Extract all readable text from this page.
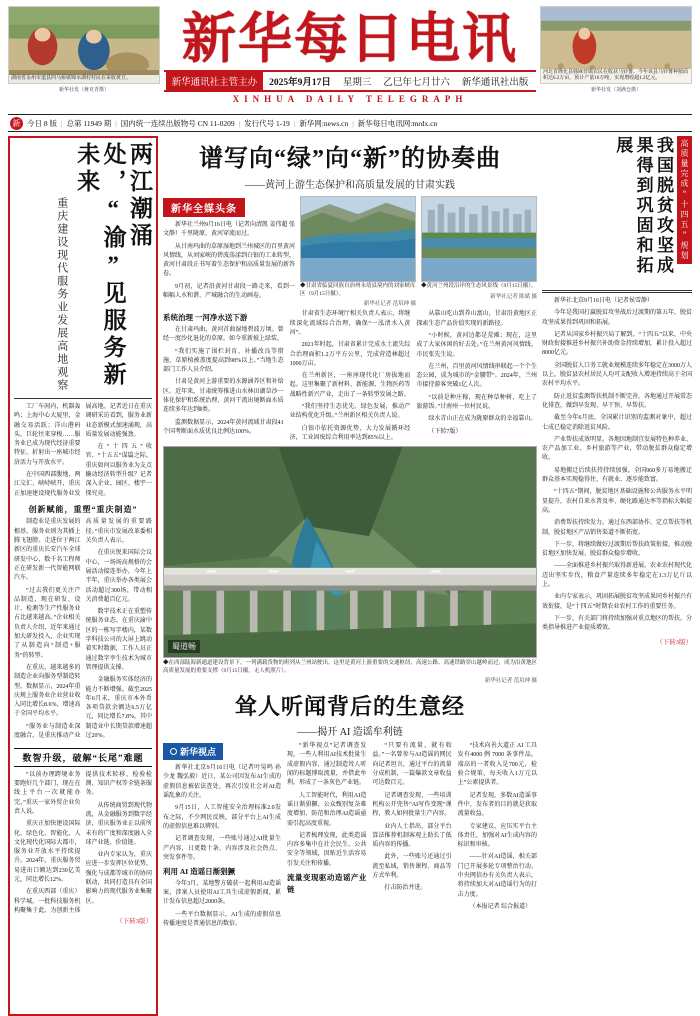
湖南省永州市道县四马桥镇锦水湖村村民在采收黄豆。
新华社发（蒋克青摄）
新华每日电讯
新华通讯社主管主办	2025年9月17日	星期三	乙巳年七月廿六	新华通讯社出版
XINHUA DAILY TELEGRAPH
河北省隆化县韩麻营镇农民在收获马铃薯。今年该县马铃薯种植面积达6.2万亩，预计产量16万吨，实现增收超1.2亿元。
新华社发（刘满仓摄）
新 今日 8 版 | 总第 11949 期 | 国内统一连续出版物号 CN 11-0209 | 发行代号 1-19 | 新华网:news.cn | 新华每日电讯网:mrdx.cn
两江潮涌处，“渝”见服务新未来
重庆建设现代服务业发展高地观察

工厂车间内，机器轰鸣；上海中心大厦里，金融交易活跃；洋山港码头，巨轮往来穿梭……服务业已成为现代经济重要特征，折射出一座城市经济活力与开放水平。

在中国西部腹地，两江交汇、峡峙峡开，重庆正加速建设现代服务业发展高地。记者近日在重庆调研采访看到，服务业新业态新模式加速涌现，高质量发展动能强劲。

在“十四五”收官、“十五五”谋篇之际，重庆如何以服务业为支点撬动经济转型升级？记者深入企业、园区、楼宇一探究竟。

创新赋能，重塑“重庆制造”

制造业是重庆发展的根基，服务业则为其插上腾飞翅膀。走进位于两江新区的重庆长安汽车全球研发中心，数千名工程师正在研发新一代智能网联汽车。

“过去我们更关注产品制造，现在研发、设计、检测等生产性服务业占比越来越高。”企业相关负责人介绍，近年来通过加大研发投入，企业实现了从制造向“制造+服务”的转型。

在重庆，越来越多的制造企业向服务型制造转型。数据显示，2024年重庆规上服务业企业营业收入同比增长8.6%，增速高于全国平均水平。

“服务业与制造业深度融合，是重庆推动产业高质量发展的重要路径。”重庆市发展改革委相关负责人表示。

在重庆悦来国际会议中心，一场场高规格的会展活动接连举办。今年上半年，重庆举办各类展会活动超过300场，带动相关消费超百亿元。

数字技术正在重塑传统服务业态。在重庆渝中区的一栋写字楼内，某数字科技公司的大屏上跳动着实时数据，工作人员正通过数字孪生技术为城市管理提供支撑。

金融服务实体经济的能力不断增强。截至2025年6月末，重庆市本外币各项贷款余额达6.5万亿元，同比增长7.8%，其中制造业中长期贷款增速超过20%。

数智升级，破解“长尾”难题

“以前办理跨境业务要跑好几个部门，现在在线上平台一次就能办完。”重庆一家外贸企业负责人说。

重庆正加快建设国际化、绿色化、智能化、人文化现代化国际大都市，服务业开放水平持续提升。2024年，重庆服务贸易进出口额达到230亿美元，同比增长12%。

在重庆西部（重庆）科学城，一批科技服务机构聚集于此，为创新主体提供技术转移、检验检测、知识产权等全链条服务。

从传统商贸到现代物流，从金融服务到数字经济，重庆服务业正以前所未有的广度和深度融入全球产业链、价值链。

业内专家认为，重庆应进一步发挥区位优势，强化与成都等城市的协同联动，共同打造具有全国影响力的现代服务业集聚区。

（下转3版）
谱写向“绿”向“新”的协奏曲
——黄河上游生态保护和高质量发展的甘肃实践
新华全媒头条

新华社兰州9月16日电（记者向清凯 姜伟超 张文静）千里陇原，黄河穿流而过。

从甘南玛曲的草原湿地到兰州城区的百里黄河风情线，从刘家峡的碧波荡漾到白银的工业转型，黄河甘肃段正书写着生态保护和高质量发展的新答卷。

9月初，记者沿黄河甘肃段一路走来，看到一幅幅人水和谐、产城融合的生动画卷。

◆甘肃省临夏回族自治州永靖县境内的刘家峡库区（9月15日摄）。
新华社记者 范培珅 摄
◆黄河兰州段沿岸的生态风景线（9月15日摄）。
新华社记者 陈斌 摄
系统治理 一河净水送下游

在甘肃玛曲，黄河首曲湿地碧波万顷。曾经一度沙化退化的草原，如今重新披上绿装。

“我们实施了围栏封育、补播改良等措施，草原植被盖度提高到98%以上。”当地生态部门工作人员介绍。

甘肃是黄河上游重要的水源涵养区和补给区。近年来，甘肃统筹推进山水林田湖草沙一体化保护和系统治理，黄河干流出境断面水质连续多年达到Ⅱ类。

监测数据显示，2024年黄河流域甘肃段41个国考断面水质优良比例达100%。

甘肃省生态环境厅相关负责人表示，将继续深化流域综合治理，确保“一泓清水入黄河”。

2021年时起，甘肃省累计完成水土流失综合治理面积1.2万平方公里，完成营造林超过1000万亩。

在兰州新区，一座座现代化厂房拔地而起。这里集聚了新材料、新能源、生物医药等战略性新兴产业，走出了一条转型发展之路。

“我们坚持生态优先、绿色发展，推动产业结构优化升级。”兰州新区相关负责人说。

白银市依托资源优势，大力发展循环经济，工业固废综合利用率达到85%以上。

从靠山吃山到养山富山，甘肃沿黄地区正探索生态产品价值实现的新路径。

“小时候，黄河边都是荒滩；现在，这里成了大家休闲的好去处。”在兰州黄河风情线，市民张先生说。

在兰州，百里黄河风情线串联起一个个生态公园，成为城市的“金腰带”。2024年，兰州市接待游客突破1亿人次。

“以前是种庄稼，现在种草种树，吃上了旅游饭。”甘南州一位村民说。

绿水青山正在成为陇原群众的幸福靠山。

（下转7版）

蜀道畅
◆在西部陆海新通道建设背景下，一列满载货物的班列从兰州站驶出。这里是黄河上游重要的交通枢纽，高速公路、高速铁路穿山越岭而过，成为沿黄地区高质量发展的重要支撑（9月15日摄，无人机照片）。
新华社记者 范培珅 摄
耸人听闻背后的生意经
——揭开 AI 造谣牟利链
新华视点

新华社北京9月16日电（记者叶昊鸣 孙少龙 魏弘毅）近日，某公司因发布AI生成的虚假信息被依法查处，再次引发社会对AI造谣乱象的关注。

9月15日，人工智能安全治理标准2.0发布之际，不少网民反映，部分平台上AI生成的虚假信息难以辨别。

记者调查发现，一些账号通过AI批量生产内容，日更数十条，内容涉及社会热点、突发事件等。

利用 AI 造谣日渐猖獗

今年3月，某地警方破获一起利用AI造谣案，涉案人员使用AI工具生成虚假新闻，累计发布信息超过2000条。

一些平台数据显示，AI生成的虚假信息传播速度是普通信息的数倍。

“新华视点”记者调查发现，一些人利用AI技术批量生成虚假内容，通过制造耸人听闻的标题博取流量，并借此牟利，形成了一条灰色产业链。

人工智能时代，利用AI造谣日渐猖獗、公众甄别复杂难度增加，防范和治理AI造谣亟需引起高度重视。

记者梳理发现，此类造谣内容多集中在社会民生、公共安全等领域，因贴近生活容易引发关注和传播。

流量变现驱动造谣产业链

“只要有流量，就有收益。”一名曾参与AI造谣的网民向记者坦言，通过平台的流量分成机制，一篇爆款文章收益可达数百元。

记者调查发现，一些培训机构公开兜售“AI写作变现”课程，教人如何批量生产内容。

业内人士指出，部分平台算法推荐机制客观上助长了低质内容的传播。

此外，一些账号还通过引流至私域，销售课程、商品等方式牟利。

打击防治并进。

“技术向善大道正 AI 工具发有4000 例 7000 条事件品，端高的一者收入是700元，检验合规策，每天收入1万元以上”公素提供者。

记者发现，多数AI造谣事件中，发布者的目的就是获取流量收益。

专家建议，应压实平台主体责任，加强对AI生成内容的标识和审核。

——针对AI造谣，相关部门已开展多轮专项整治行动。中央网信办有关负责人表示，将持续加大对AI造谣行为的打击力度。

（本报记者 综合报道）

高质量完成“十四五”规划
我国脱贫攻坚成果得到巩固和拓展

新华社北京9月16日电（记者侯雪静）

今年是我国打赢脱贫攻坚战后过渡期的第五年，脱贫攻坚成果得到巩固和拓展。

记者从国家乡村振兴局了解到，“十四五”以来，中央财政衔接推进乡村振兴补助资金持续增加，累计投入超过8000亿元。

全国脱贫人口务工就业规模连续多年稳定在3000万人以上，脱贫县农村居民人均可支配收入增速持续高于全国农村平均水平。

防止返贫监测帮扶机制不断完善，各地通过开展常态化排查，做到早发现、早干预、早帮扶。

截至今年6月底，全国累计识别的监测对象中，超过七成已稳定消除返贫风险。

产业帮扶成效明显。各地因地制宜发展特色种养业、农产品加工业、乡村旅游等产业，带动脱贫群众稳定增收。

易地搬迁后续扶持持续加强。全国960多万易地搬迁群众基本实现稳得住、有就业、逐步能致富。

“十四五”期间，脱贫地区基础设施和公共服务水平明显提升，农村自来水普及率、硬化路通达率等指标大幅提高。

消费帮扶持续发力。通过东西部协作、定点帮扶等机制，脱贫地区产品销售渠道不断拓宽。

下一步，将继续做好过渡期后帮扶政策衔接，推动脱贫地区加快发展、脱贫群众稳步增收。

——全面推进乡村振兴取得新进展。农业农村现代化迈出坚实步伐，粮食产量连续多年稳定在1.3万亿斤以上。

业内专家表示，巩固拓展脱贫攻坚成果同乡村振兴有效衔接，是“十四五”时期农业农村工作的重要任务。

下一步，有关部门将持续加强对重点地区的帮扶，分类指导推进产业提质增效。

（下转3版）
